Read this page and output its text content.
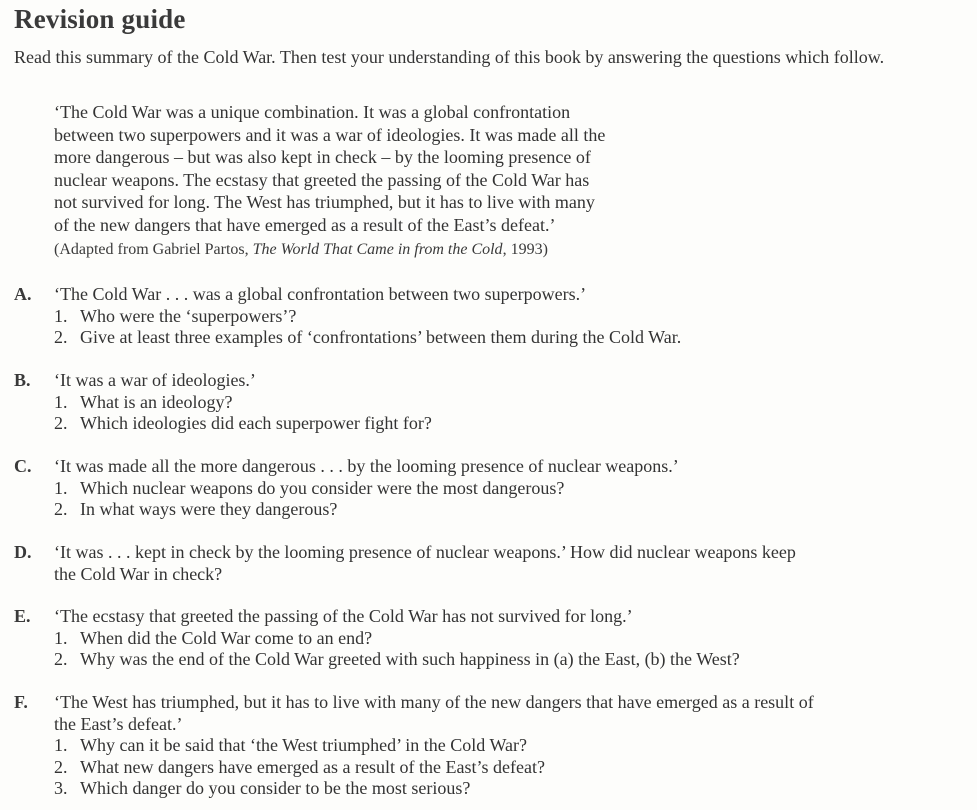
Revision guide
Read this summary of the Cold War. Then test your understanding of this book by answering the questions which follow.
‘The Cold War was a unique combination. It was a global confrontation
between two superpowers and it was a war of ideologies. It was made all the
more dangerous – but was also kept in check – by the looming presence of
nuclear weapons. The ecstasy that greeted the passing of the Cold War has
not survived for long. The West has triumphed, but it has to live with many
of the new dangers that have emerged as a result of the East’s defeat.’
(Adapted from Gabriel Partos, The World That Came in from the Cold, 1993)
A. ‘The Cold War . . . was a global confrontation between two superpowers.’
1. Who were the ‘superpowers’?
2. Give at least three examples of ‘confrontations’ between them during the Cold War.
B. ‘It was a war of ideologies.’
1. What is an ideology?
2. Which ideologies did each superpower fight for?
C. ‘It was made all the more dangerous . . . by the looming presence of nuclear weapons.’
1. Which nuclear weapons do you consider were the most dangerous?
2. In what ways were they dangerous?
D. ‘It was . . . kept in check by the looming presence of nuclear weapons.’ How did nuclear weapons keep
the Cold War in check?
E. ‘The ecstasy that greeted the passing of the Cold War has not survived for long.’
1. When did the Cold War come to an end?
2. Why was the end of the Cold War greeted with such happiness in (a) the East, (b) the West?
F. ‘The West has triumphed, but it has to live with many of the new dangers that have emerged as a result of
the East’s defeat.’
1. Why can it be said that ‘the West triumphed’ in the Cold War?
2. What new dangers have emerged as a result of the East’s defeat?
3. Which danger do you consider to be the most serious?
